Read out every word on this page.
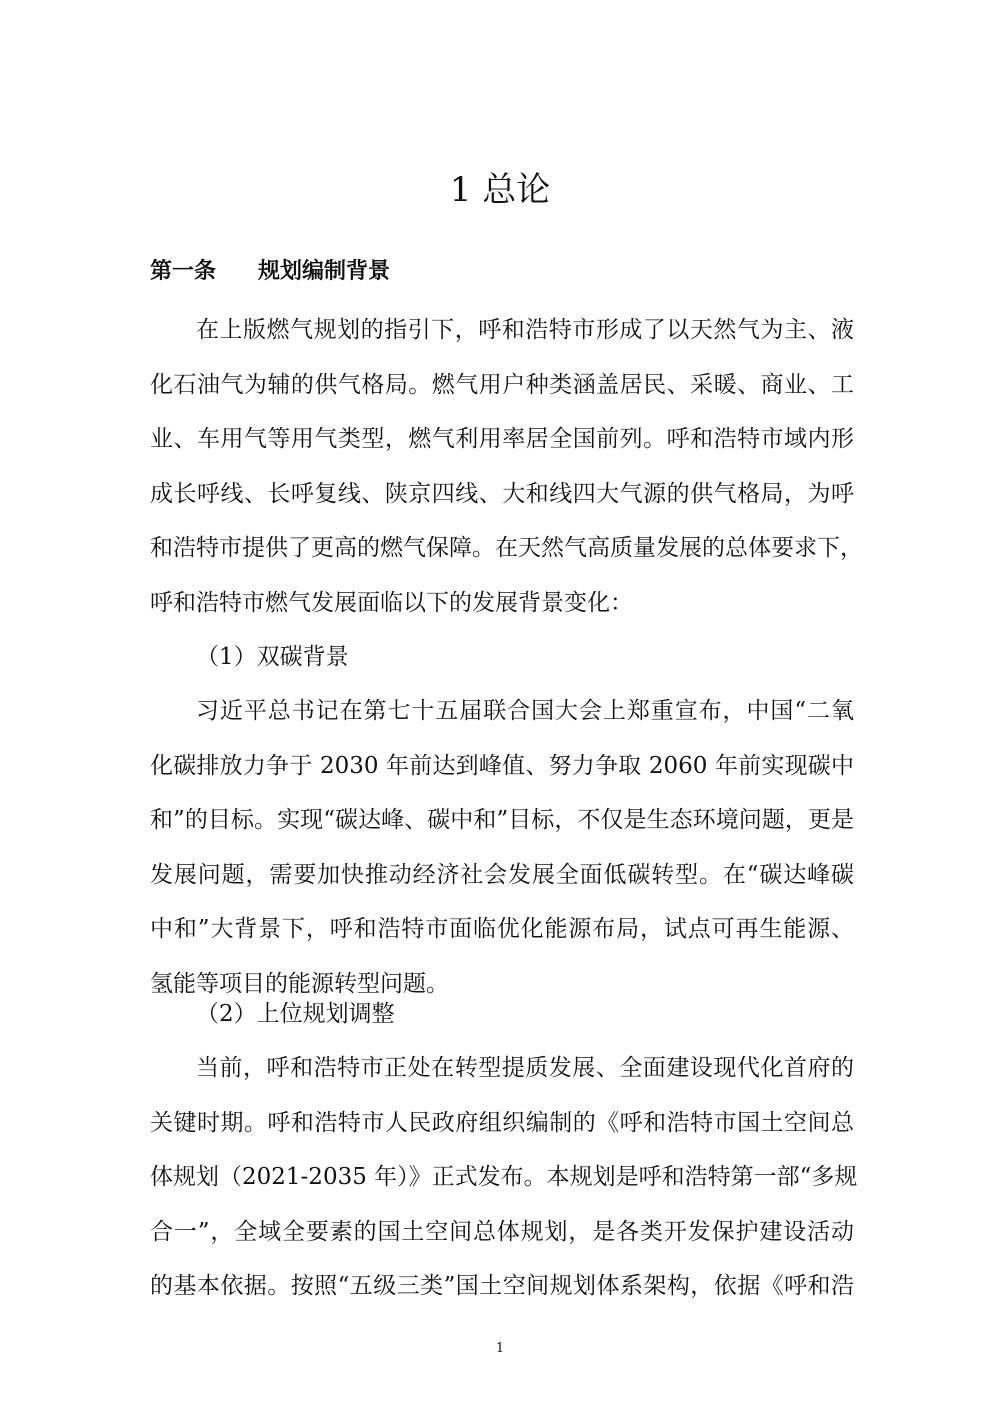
1 总论
第一条 规划编制背景

在上版燃气规划的指引下，呼和浩特市形成了以天然气为主、液
化石油气为辅的供气格局。燃气用户种类涵盖居民、采暖、商业、工
业、车用气等用气类型，燃气利用率居全国前列。呼和浩特市域内形
成长呼线、长呼复线、陕京四线、大和线四大气源的供气格局，为呼
和浩特市提供了更高的燃气保障。在天然气高质量发展的总体要求下，
呼和浩特市燃气发展面临以下的发展背景变化：

（1）双碳背景

习近平总书记在第七十五届联合国大会上郑重宣布，中国“二氧
化碳排放力争于 2030 年前达到峰值、努力争取 2060 年前实现碳中
和”的目标。实现“碳达峰、碳中和”目标，不仅是生态环境问题，更是
发展问题，需要加快推动经济社会发展全面低碳转型。在“碳达峰碳
中和”大背景下，呼和浩特市面临优化能源布局，试点可再生能源、
氢能等项目的能源转型问题。

（2）上位规划调整

当前，呼和浩特市正处在转型提质发展、全面建设现代化首府的
关键时期。呼和浩特市人民政府组织编制的《呼和浩特市国土空间总
体规划（2021-2035 年）》正式发布。本规划是呼和浩特第一部“多规
合一”，全域全要素的国土空间总体规划，是各类开发保护建设活动
的基本依据。按照“五级三类”国土空间规划体系架构，依据《呼和浩

1
